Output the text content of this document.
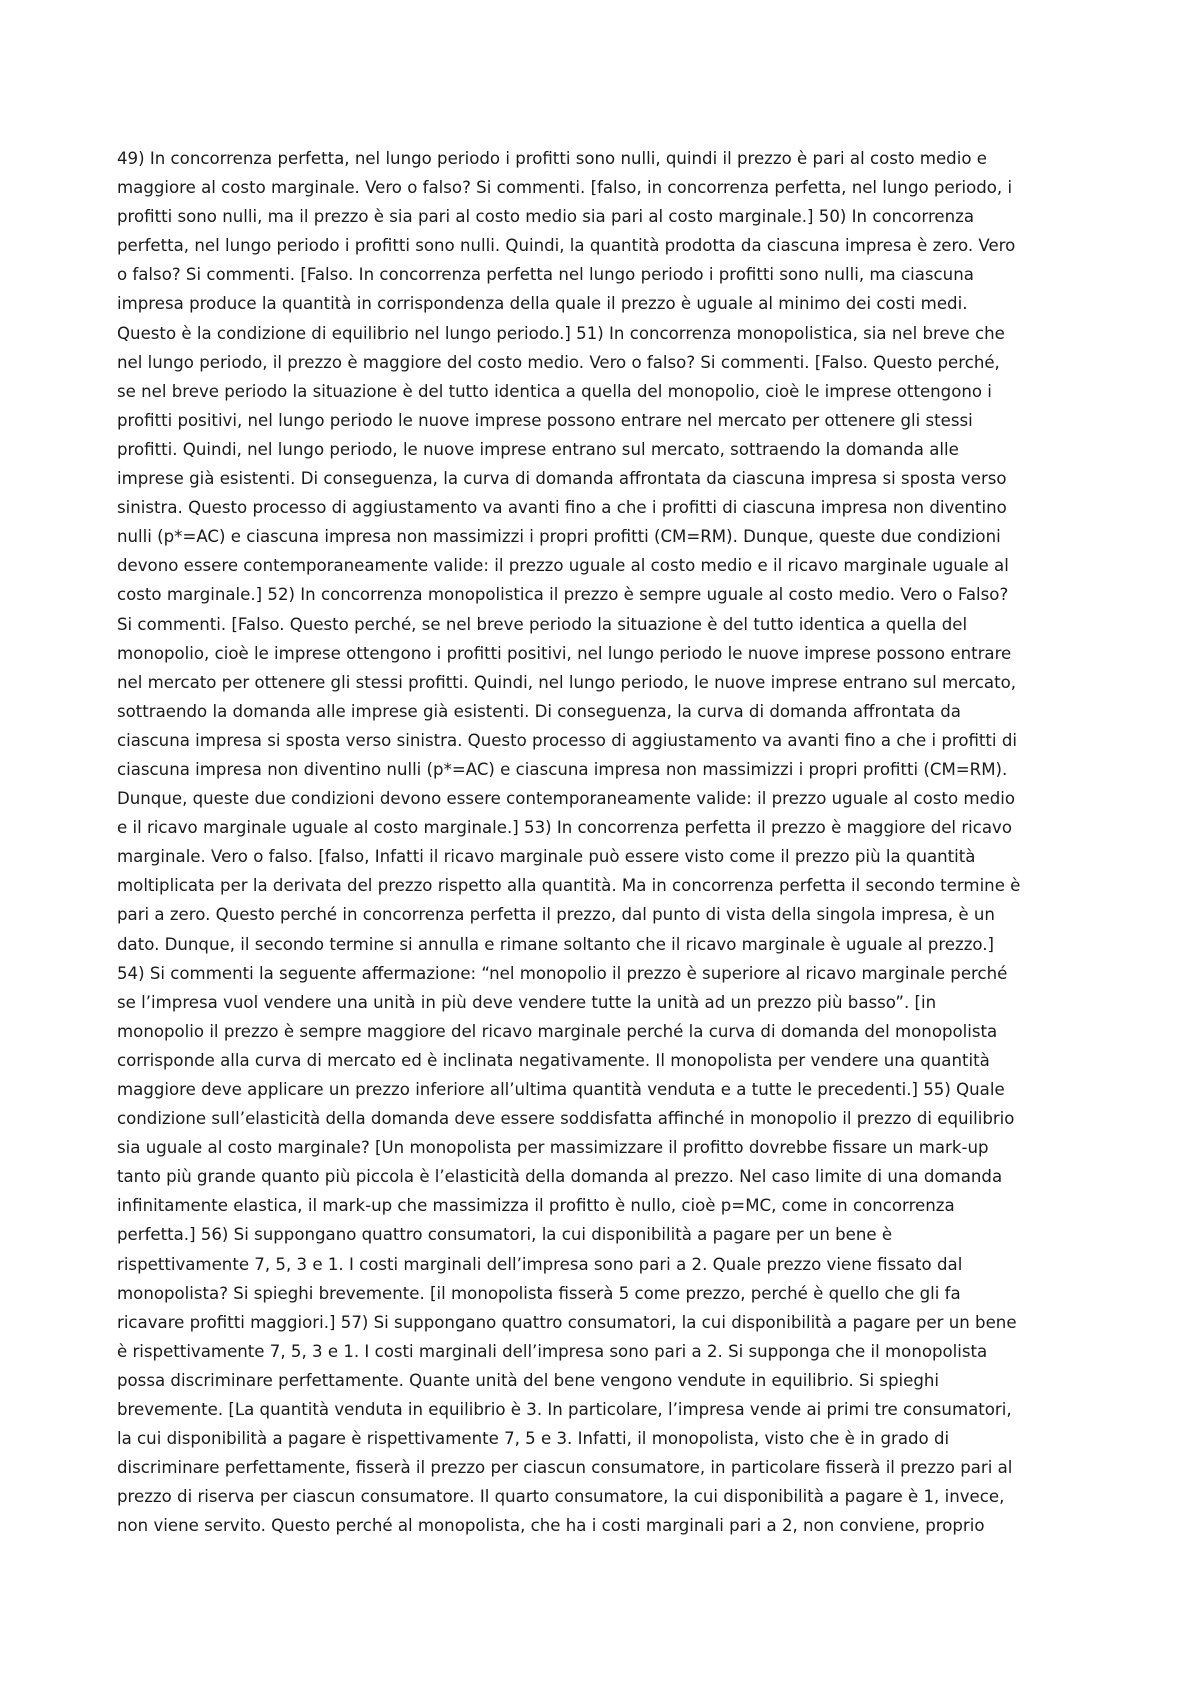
49) In concorrenza perfetta, nel lungo periodo i profitti sono nulli, quindi il prezzo è pari al costo medio e
maggiore al costo marginale. Vero o falso? Si commenti. [falso, in concorrenza perfetta, nel lungo periodo, i
profitti sono nulli, ma il prezzo è sia pari al costo medio sia pari al costo marginale.] 50) In concorrenza
perfetta, nel lungo periodo i profitti sono nulli. Quindi, la quantità prodotta da ciascuna impresa è zero. Vero
o falso? Si commenti. [Falso. In concorrenza perfetta nel lungo periodo i profitti sono nulli, ma ciascuna
impresa produce la quantità in corrispondenza della quale il prezzo è uguale al minimo dei costi medi.
Questo è la condizione di equilibrio nel lungo periodo.] 51) In concorrenza monopolistica, sia nel breve che
nel lungo periodo, il prezzo è maggiore del costo medio. Vero o falso? Si commenti. [Falso. Questo perché,
se nel breve periodo la situazione è del tutto identica a quella del monopolio, cioè le imprese ottengono i
profitti positivi, nel lungo periodo le nuove imprese possono entrare nel mercato per ottenere gli stessi
profitti. Quindi, nel lungo periodo, le nuove imprese entrano sul mercato, sottraendo la domanda alle
imprese già esistenti. Di conseguenza, la curva di domanda affrontata da ciascuna impresa si sposta verso
sinistra. Questo processo di aggiustamento va avanti fino a che i profitti di ciascuna impresa non diventino
nulli (p*=AC) e ciascuna impresa non massimizzi i propri profitti (CM=RM). Dunque, queste due condizioni
devono essere contemporaneamente valide: il prezzo uguale al costo medio e il ricavo marginale uguale al
costo marginale.] 52) In concorrenza monopolistica il prezzo è sempre uguale al costo medio. Vero o Falso?
Si commenti. [Falso. Questo perché, se nel breve periodo la situazione è del tutto identica a quella del
monopolio, cioè le imprese ottengono i profitti positivi, nel lungo periodo le nuove imprese possono entrare
nel mercato per ottenere gli stessi profitti. Quindi, nel lungo periodo, le nuove imprese entrano sul mercato,
sottraendo la domanda alle imprese già esistenti. Di conseguenza, la curva di domanda affrontata da
ciascuna impresa si sposta verso sinistra. Questo processo di aggiustamento va avanti fino a che i profitti di
ciascuna impresa non diventino nulli (p*=AC) e ciascuna impresa non massimizzi i propri profitti (CM=RM).
Dunque, queste due condizioni devono essere contemporaneamente valide: il prezzo uguale al costo medio
e il ricavo marginale uguale al costo marginale.] 53) In concorrenza perfetta il prezzo è maggiore del ricavo
marginale. Vero o falso. [falso, Infatti il ricavo marginale può essere visto come il prezzo più la quantità
moltiplicata per la derivata del prezzo rispetto alla quantità. Ma in concorrenza perfetta il secondo termine è
pari a zero. Questo perché in concorrenza perfetta il prezzo, dal punto di vista della singola impresa, è un
dato. Dunque, il secondo termine si annulla e rimane soltanto che il ricavo marginale è uguale al prezzo.]
54) Si commenti la seguente affermazione: “nel monopolio il prezzo è superiore al ricavo marginale perché
se l’impresa vuol vendere una unità in più deve vendere tutte la unità ad un prezzo più basso”. [in
monopolio il prezzo è sempre maggiore del ricavo marginale perché la curva di domanda del monopolista
corrisponde alla curva di mercato ed è inclinata negativamente. Il monopolista per vendere una quantità
maggiore deve applicare un prezzo inferiore all’ultima quantità venduta e a tutte le precedenti.] 55) Quale
condizione sull’elasticità della domanda deve essere soddisfatta affinché in monopolio il prezzo di equilibrio
sia uguale al costo marginale? [Un monopolista per massimizzare il profitto dovrebbe fissare un mark-up
tanto più grande quanto più piccola è l’elasticità della domanda al prezzo. Nel caso limite di una domanda
infinitamente elastica, il mark-up che massimizza il profitto è nullo, cioè p=MC, come in concorrenza
perfetta.] 56) Si suppongano quattro consumatori, la cui disponibilità a pagare per un bene è
rispettivamente 7, 5, 3 e 1. I costi marginali dell’impresa sono pari a 2. Quale prezzo viene fissato dal
monopolista? Si spieghi brevemente. [il monopolista fisserà 5 come prezzo, perché è quello che gli fa
ricavare profitti maggiori.] 57) Si suppongano quattro consumatori, la cui disponibilità a pagare per un bene
è rispettivamente 7, 5, 3 e 1. I costi marginali dell’impresa sono pari a 2. Si supponga che il monopolista
possa discriminare perfettamente. Quante unità del bene vengono vendute in equilibrio. Si spieghi
brevemente. [La quantità venduta in equilibrio è 3. In particolare, l’impresa vende ai primi tre consumatori,
la cui disponibilità a pagare è rispettivamente 7, 5 e 3. Infatti, il monopolista, visto che è in grado di
discriminare perfettamente, fisserà il prezzo per ciascun consumatore, in particolare fisserà il prezzo pari al
prezzo di riserva per ciascun consumatore. Il quarto consumatore, la cui disponibilità a pagare è 1, invece,
non viene servito. Questo perché al monopolista, che ha i costi marginali pari a 2, non conviene, proprio
